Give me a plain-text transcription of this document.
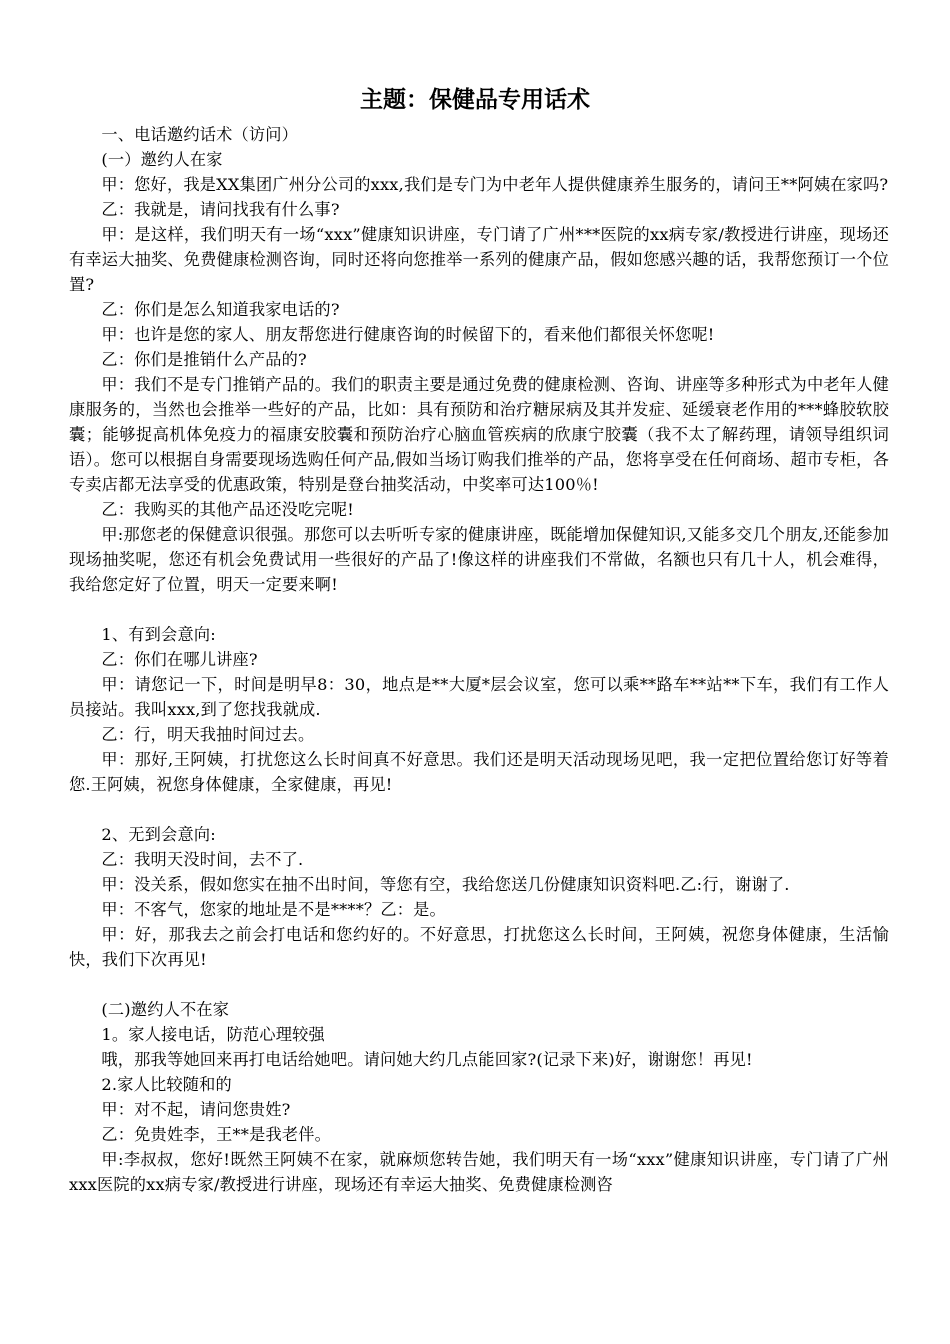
主题：保健品专用话术

一、电话邀约话术（访问）

(一）邀约人在家

甲：您好，我是XX集团广州分公司的xxx,我们是专门为中老年人提供健康养生服务的，请问王**阿姨在家吗?

乙：我就是，请问找我有什么事?

甲：是这样，我们明天有一场“xxx”健康知识讲座，专门请了广州***医院的xx病专家/教授进行讲座，现场还有幸运大抽奖、免费健康检测咨询，同时还将向您推举一系列的健康产品，假如您感兴趣的话，我帮您预订一个位置?

乙：你们是怎么知道我家电话的?

甲：也许是您的家人、朋友帮您进行健康咨询的时候留下的，看来他们都很关怀您呢!

乙：你们是推销什么产品的?

甲：我们不是专门推销产品的。我们的职责主要是通过免费的健康检测、咨询、讲座等多种形式为中老年人健康服务的，当然也会推举一些好的产品，比如：具有预防和治疗糖尿病及其并发症、延缓衰老作用的***蜂胶软胶囊；能够捉高机体免疫力的福康安胶囊和预防治疗心脑血管疾病的欣康宁胶囊（我不太了解药理，请领导组织词语）。您可以根据自身需要现场选购任何产品,假如当场订购我们推举的产品，您将享受在任何商场、超市专柜，各专卖店都无法享受的优惠政策，特别是登台抽奖活动，中奖率可达100％!

乙：我购买的其他产品还没吃完呢!

甲:那您老的保健意识很强。那您可以去听听专家的健康讲座，既能增加保健知识,又能多交几个朋友,还能参加现场抽奖呢，您还有机会免费试用一些很好的产品了!像这样的讲座我们不常做，名额也只有几十人，机会难得，我给您定好了位置，明天一定要来啊!

1、有到会意向:

乙：你们在哪儿讲座?

甲：请您记一下，时间是明早8：30，地点是**大厦*层会议室，您可以乘**路车**站**下车，我们有工作人员接站。我叫xxx,到了您找我就成.

乙：行，明天我抽时间过去。

甲：那好,王阿姨，打扰您这么长时间真不好意思。我们还是明天活动现场见吧，我一定把位置给您订好等着您.王阿姨，祝您身体健康，全家健康，再见!

2、无到会意向:

乙：我明天没时间，去不了.

甲：没关系，假如您实在抽不出时间，等您有空，我给您送几份健康知识资料吧.乙:行，谢谢了.

甲：不客气，您家的地址是不是****？乙：是。

甲：好，那我去之前会打电话和您约好的。不好意思，打扰您这么长时间，王阿姨，祝您身体健康，生活愉快，我们下次再见!

(二)邀约人不在家

1。家人接电话，防范心理较强

哦，那我等她回来再打电话给她吧。请问她大约几点能回家?(记录下来)好，谢谢您！再见!

2.家人比较随和的

甲：对不起，请问您贵姓?

乙：免贵姓李，王**是我老伴。

甲:李叔叔，您好!既然王阿姨不在家，就麻烦您转告她，我们明天有一场“xxx”健康知识讲座，专门请了广州xxx医院的xx病专家/教授进行讲座，现场还有幸运大抽奖、免费健康检测咨
